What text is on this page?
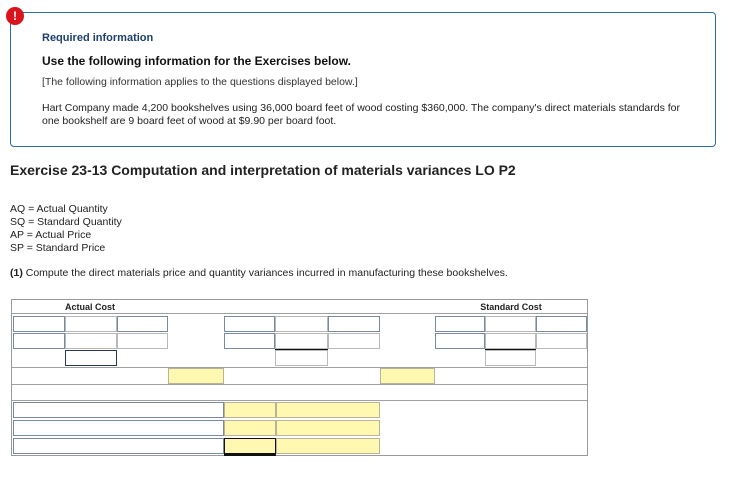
!
Required information
Use the following information for the Exercises below.
[The following information applies to the questions displayed below.]
Hart Company made 4,200 bookshelves using 36,000 board feet of wood costing $360,000. The company's direct materials standards for one bookshelf are 9 board feet of wood at $9.90 per board foot.
Exercise 23-13 Computation and interpretation of materials variances LO P2
AQ = Actual Quantity
SQ = Standard Quantity
AP = Actual Price
SP = Standard Price
(1) Compute the direct materials price and quantity variances incurred in manufacturing these bookshelves.
Actual Cost	Standard Cost
